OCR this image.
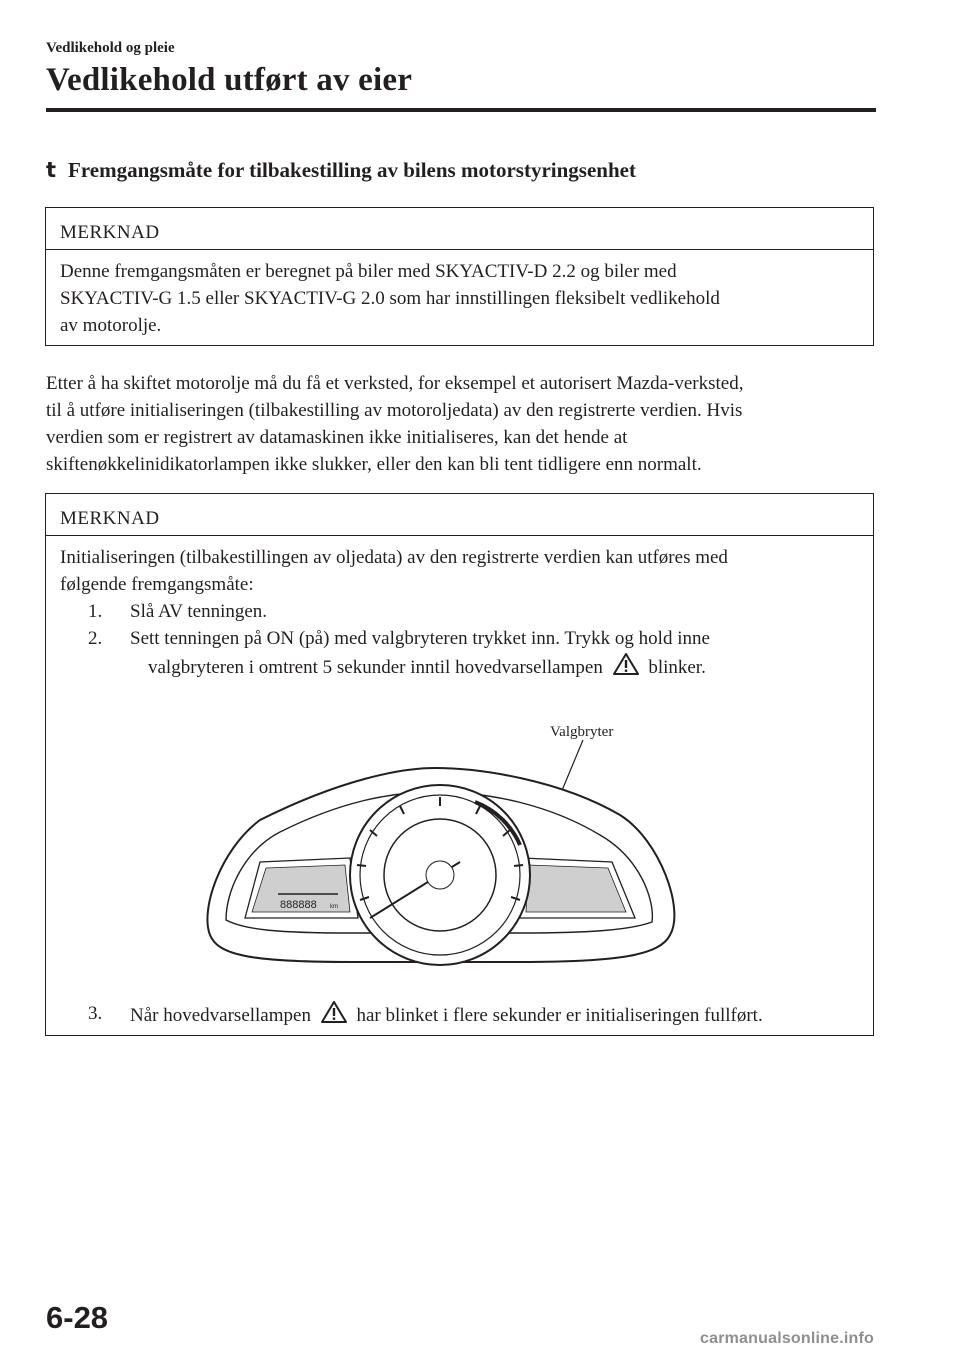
Vedlikehold og pleie
Vedlikehold utført av eier
t Fremgangsmåte for tilbakestilling av bilens motorstyringsenhet
MERKNAD
Denne fremgangsmåten er beregnet på biler med SKYACTIV-D 2.2 og biler med
SKYACTIV-G 1.5 eller SKYACTIV-G 2.0 som har innstillingen fleksibelt vedlikehold
av motorolje.
Etter å ha skiftet motorolje må du få et verksted, for eksempel et autorisert Mazda-verksted,
til å utføre initialiseringen (tilbakestilling av motoroljedata) av den registrerte verdien. Hvis
verdien som er registrert av datamaskinen ikke initialiseres, kan det hende at
skiftenøkkelinidikatorlampen ikke slukker, eller den kan bli tent tidligere enn normalt.
MERKNAD
Initialiseringen (tilbakestillingen av oljedata) av den registrerte verdien kan utføres med
følgende fremgangsmåte:
1. Slå AV tenningen.
2. Sett tenningen på ON (på) med valgbryteren trykket inn. Trykk og hold inne
valgbryteren i omtrent 5 sekunder inntil hovedvarsellampen blinker.
Valgbryter
888888 km
3. Når hovedvarsellampen har blinket i flere sekunder er initialiseringen fullført.
6-28
carmanualsonline.info
